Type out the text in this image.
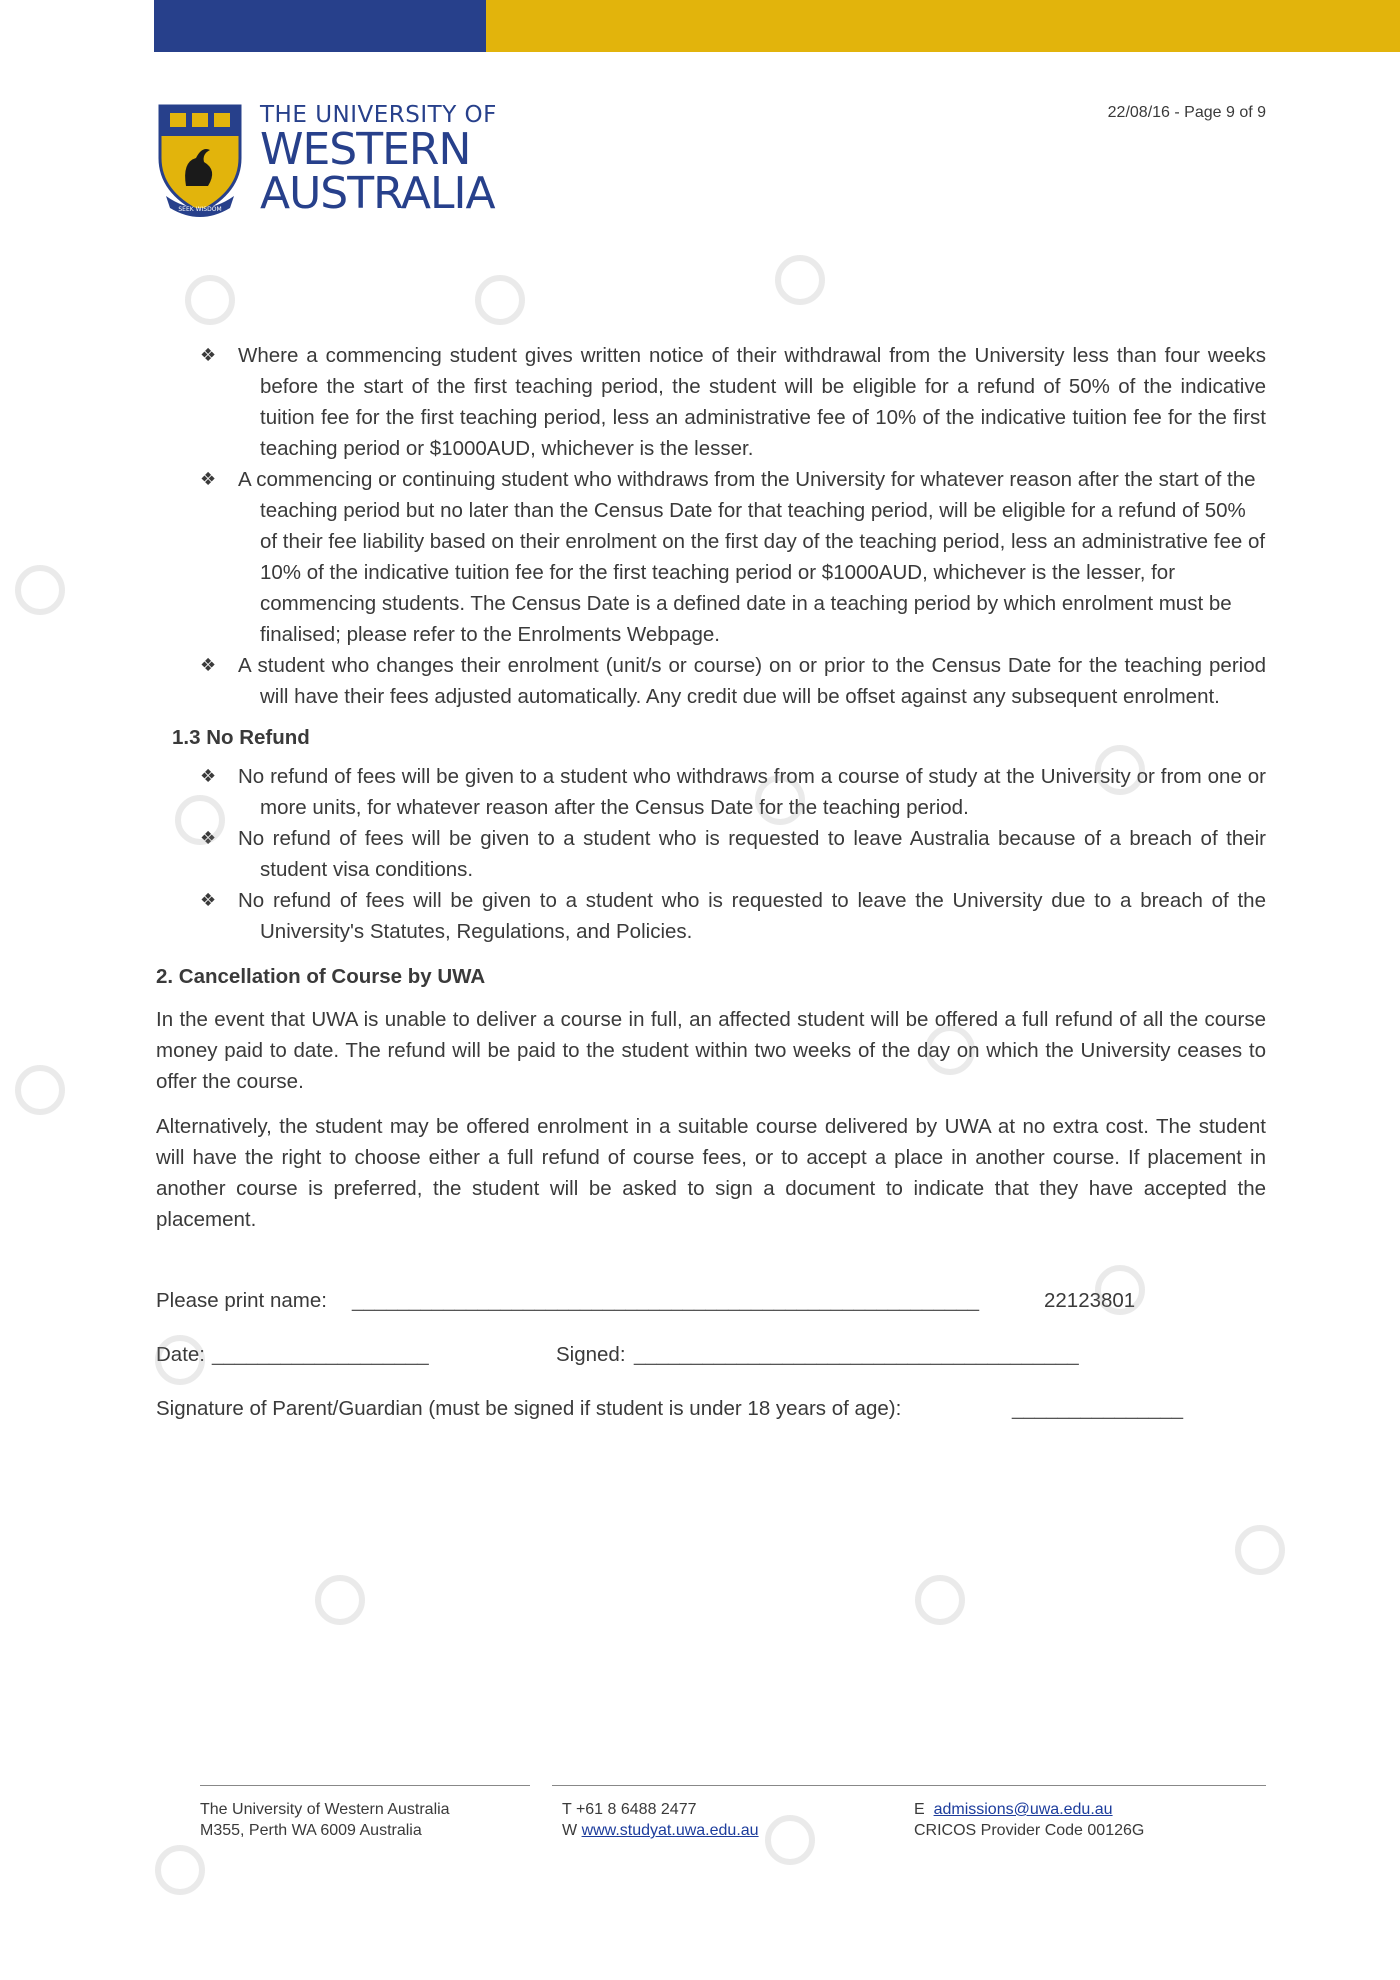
SEEK WISDOM
THE UNIVERSITY OF
WESTERN
AUSTRALIA
22/08/16 - Page 9 of 9
❖ Where a commencing student gives written notice of their withdrawal from the University less than four weeks before the start of the first teaching period, the student will be eligible for a refund of 50% of the indicative tuition fee for the first teaching period, less an administrative fee of 10% of the indicative tuition fee for the first teaching period or $1000AUD, whichever is the lesser.
❖ A commencing or continuing student who withdraws from the University for whatever reason after the start of the teaching period but no later than the Census Date for that teaching period, will be eligible for a refund of 50% of their fee liability based on their enrolment on the first day of the teaching period, less an administrative fee of 10% of the indicative tuition fee for the first teaching period or $1000AUD, whichever is the lesser, for commencing students. The Census Date is a defined date in a teaching period by which enrolment must be finalised; please refer to the Enrolments Webpage.
❖ A student who changes their enrolment (unit/s or course) on or prior to the Census Date for the teaching period will have their fees adjusted automatically. Any credit due will be offset against any subsequent enrolment.
1.3 No Refund
❖ No refund of fees will be given to a student who withdraws from a course of study at the University or from one or more units, for whatever reason after the Census Date for the teaching period.
❖ No refund of fees will be given to a student who is requested to leave Australia because of a breach of their student visa conditions.
❖ No refund of fees will be given to a student who is requested to leave the University due to a breach of the University's Statutes, Regulations, and Policies.
2. Cancellation of Course by UWA
In the event that UWA is unable to deliver a course in full, an affected student will be offered a full refund of all the course money paid to date. The refund will be paid to the student within two weeks of the day on which the University ceases to offer the course.
Alternatively, the student may be offered enrolment in a suitable course delivered by UWA at no extra cost. The student will have the right to choose either a full refund of course fees, or to accept a place in another course. If placement in another course is preferred, the student will be asked to sign a document to indicate that they have accepted the placement.
Please print name: _______________________________________________________	22123801
Date: ___________________	Signed: _______________________________________
Signature of Parent/Guardian (must be signed if student is under 18 years of age):	_______________
The University of Western Australia
M355, Perth WA 6009 Australia
T +61 8 6488 2477
W www.studyat.uwa.edu.au
E admissions@uwa.edu.au
CRICOS Provider Code 00126G
